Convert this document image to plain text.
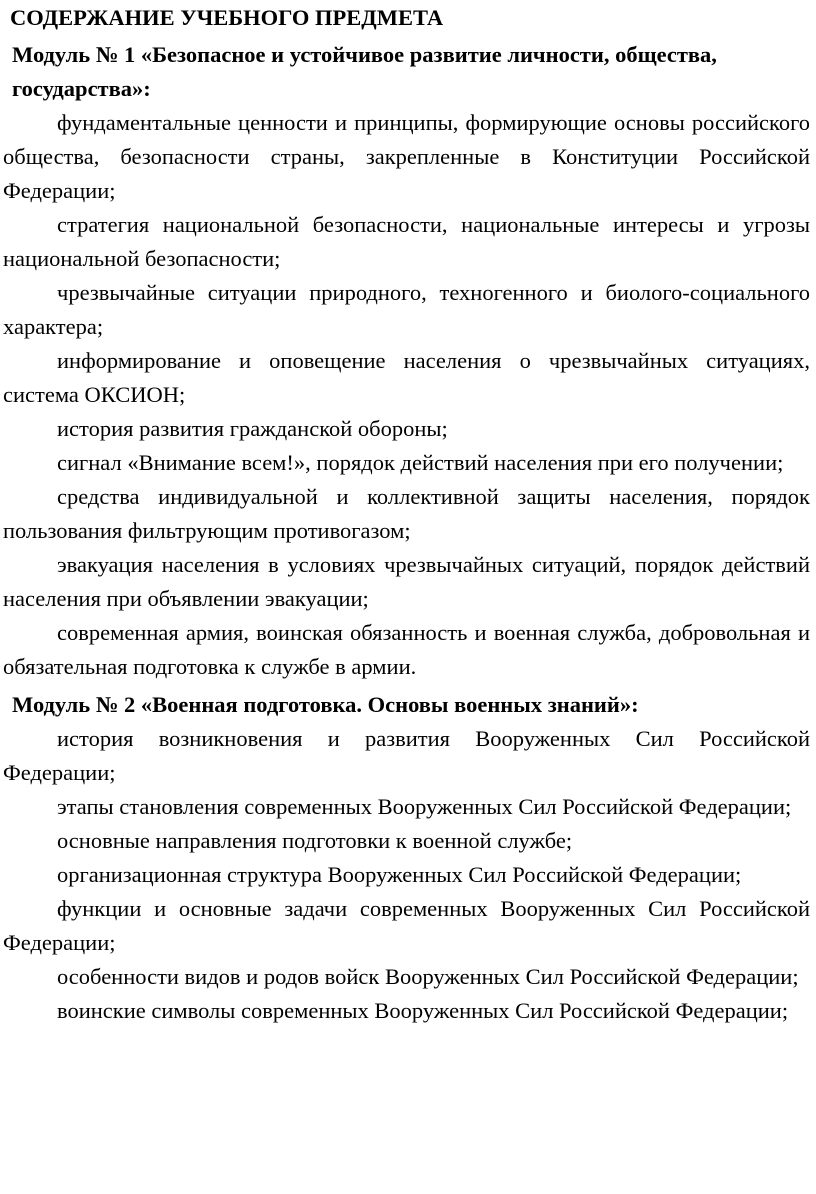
СОДЕРЖАНИЕ УЧЕБНОГО ПРЕДМЕТА
Модуль № 1 «Безопасное и устойчивое развитие личности, общества, государства»:

фундаментальные ценности и принципы, формирующие основы российского общества, безопасности страны, закрепленные в Конституции Российской Федерации;

стратегия национальной безопасности, национальные интересы и угрозы национальной безопасности;

чрезвычайные ситуации природного, техногенного и биолого-социального характера;

информирование и оповещение населения о чрезвычайных ситуациях, система ОКСИОН;

история развития гражданской обороны;

сигнал «Внимание всем!», порядок действий населения при его получении;

средства индивидуальной и коллективной защиты населения, порядок пользования фильтрующим противогазом;

эвакуация населения в условиях чрезвычайных ситуаций, порядок действий населения при объявлении эвакуации;

современная армия, воинская обязанность и военная служба, добровольная и обязательная подготовка к службе в армии.

Модуль № 2 «Военная подготовка. Основы военных знаний»:

история возникновения и развития Вооруженных Сил Российской Федерации;

этапы становления современных Вооруженных Сил Российской Федерации;

основные направления подготовки к военной службе;

организационная структура Вооруженных Сил Российской Федерации;

функции и основные задачи современных Вооруженных Сил Российской Федерации;

особенности видов и родов войск Вооруженных Сил Российской Федерации;

воинские символы современных Вооруженных Сил Российской Федерации;
